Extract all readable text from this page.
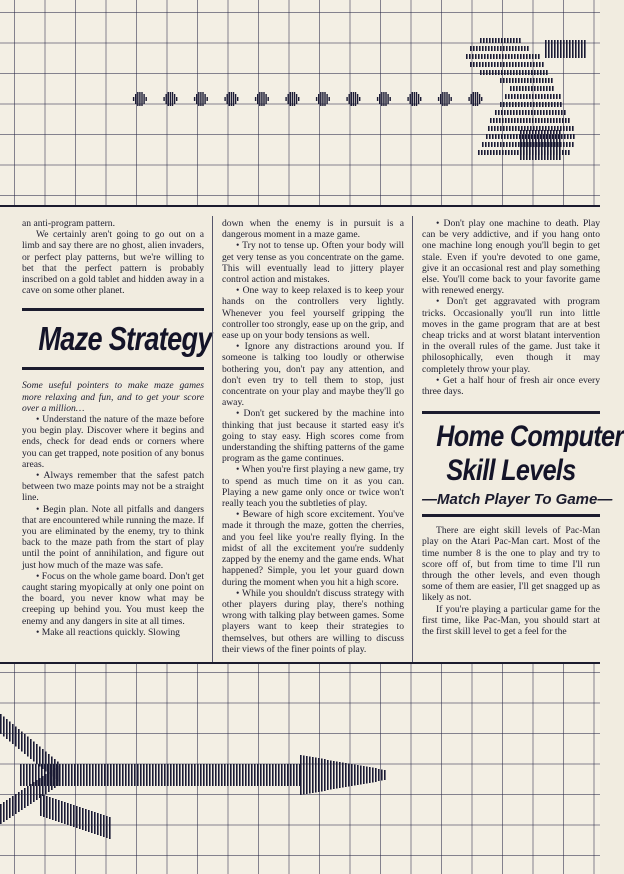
an anti-program pattern.

We certainly aren't going to go out on a limb and say there are no ghost, alien invaders, or perfect play patterns, but we're willing to bet that the perfect pattern is probably inscribed on a gold tablet and hidden away in a cave on some other planet.

Maze Strategy

Some useful pointers to make maze games more relaxing and fun, and to get your score over a million…

• Understand the nature of the maze before you begin play. Discover where it begins and ends, check for dead ends or corners where you can get trapped, note position of any bonus areas.

• Always remember that the safest patch between two maze points may not be a straight line.

• Begin plan. Note all pitfalls and dangers that are encountered while running the maze. If you are eliminated by the enemy, try to think back to the maze path from the start of play until the point of annihilation, and figure out just how much of the maze was safe.

• Focus on the whole game board. Don't get caught staring myopically at only one point on the board, you never know what may be creeping up behind you. You must keep the enemy and any dangers in site at all times.

• Make all reactions quickly. Slowing

down when the enemy is in pursuit is a dangerous moment in a maze game.

• Try not to tense up. Often your body will get very tense as you concentrate on the game. This will eventually lead to jittery player control action and mistakes.

• One way to keep relaxed is to keep your hands on the controllers very lightly. Whenever you feel yourself gripping the controller too strongly, ease up on the grip, and ease up on your body tensions as well.

• Ignore any distractions around you. If someone is talking too loudly or otherwise bothering you, don't pay any attention, and don't even try to tell them to stop, just concentrate on your play and maybe they'll go away.

• Don't get suckered by the machine into thinking that just because it started easy it's going to stay easy. High scores come from understanding the shifting patterns of the game program as the game continues.

• When you're first playing a new game, try to spend as much time on it as you can. Playing a new game only once or twice won't really teach you the subtleties of play.

• Beware of high score excitement. You've made it through the maze, gotten the cherries, and you feel like you're really flying. In the midst of all the excitement you're suddenly zapped by the enemy and the game ends. What happened? Simple, you let your guard down during the moment when you hit a high score.

• While you shouldn't discuss strategy with other players during play, there's nothing wrong with talking play between games. Some players want to keep their strategies to themselves, but others are willing to discuss their views of the finer points of play.

• Don't play one machine to death. Play can be very addictive, and if you hang onto one machine long enough you'll begin to get stale. Even if you're devoted to one game, give it an occasional rest and play something else. You'll come back to your favorite game with renewed energy.

• Don't get aggravated with program tricks. Occasionally you'll run into little moves in the game program that are at best cheap tricks and at worst blatant intervention in the overall rules of the game. Just take it philosophically, even though it may completely throw your play.

• Get a half hour of fresh air once every three days.

Home Computer
Skill Levels
—Match Player To Game—

There are eight skill levels of Pac-Man play on the Atari Pac-Man cart. Most of the time number 8 is the one to play and try to score off of, but from time to time I'll run through the other levels, and even though some of them are easier, I'll get snagged up as likely as not.

If you're playing a particular game for the first time, like Pac-Man, you should start at the first skill level to get a feel for the
